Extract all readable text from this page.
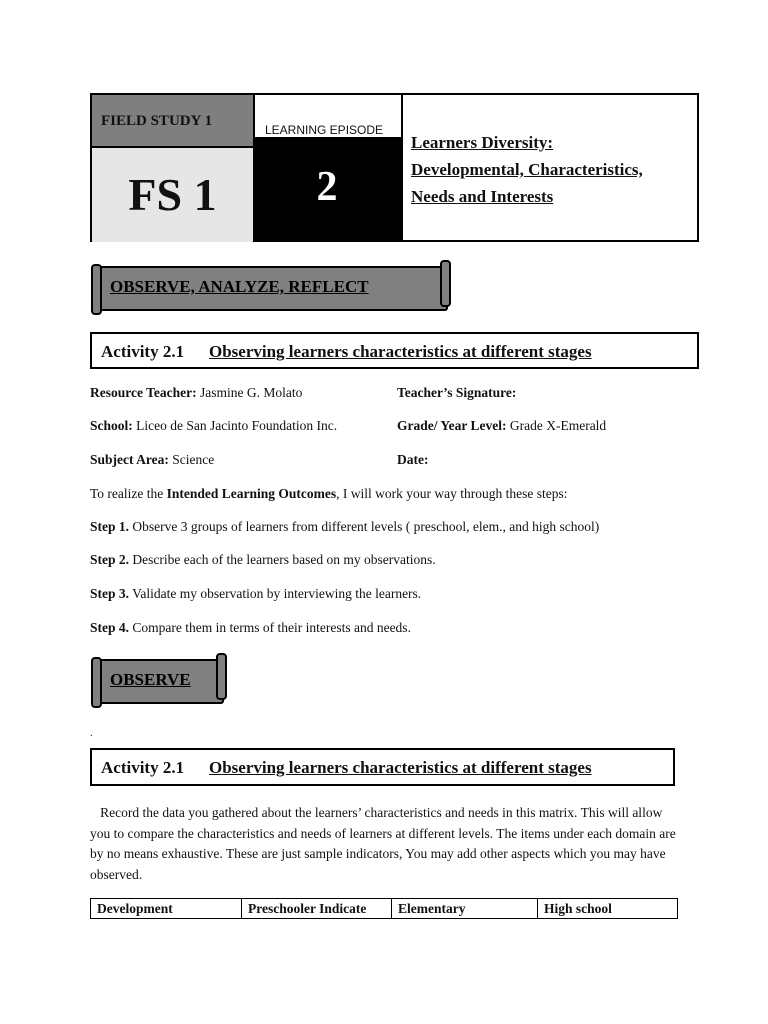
FIELD STUDY 1
FS 1
LEARNING EPISODE
2
Learners Diversity:
Developmental, Characteristics,
Needs and Interests
OBSERVE, ANALYZE, REFLECT
Activity 2.1 Observing learners characteristics at different stages
Resource Teacher: Jasmine G. Molato	Teacher’s Signature:
School: Liceo de San Jacinto Foundation Inc.	Grade/ Year Level: Grade X-Emerald
Subject Area: Science	Date:
To realize the Intended Learning Outcomes, I will work your way through these steps:
Step 1. Observe 3 groups of learners from different levels ( preschool, elem., and high school)
Step 2. Describe each of the learners based on my observations.
Step 3. Validate my observation by interviewing the learners.
Step 4. Compare them in terms of their interests and needs.
OBSERVE
.
Activity 2.1 Observing learners characteristics at different stages
Record the data you gathered about the learners’ characteristics and needs in this matrix. This will allow you to compare the characteristics and needs of learners at different levels. The items under each domain are by no means exhaustive. These are just sample indicators, You may add other aspects which you may have observed.
Development	Preschooler Indicate	Elementary	High school
